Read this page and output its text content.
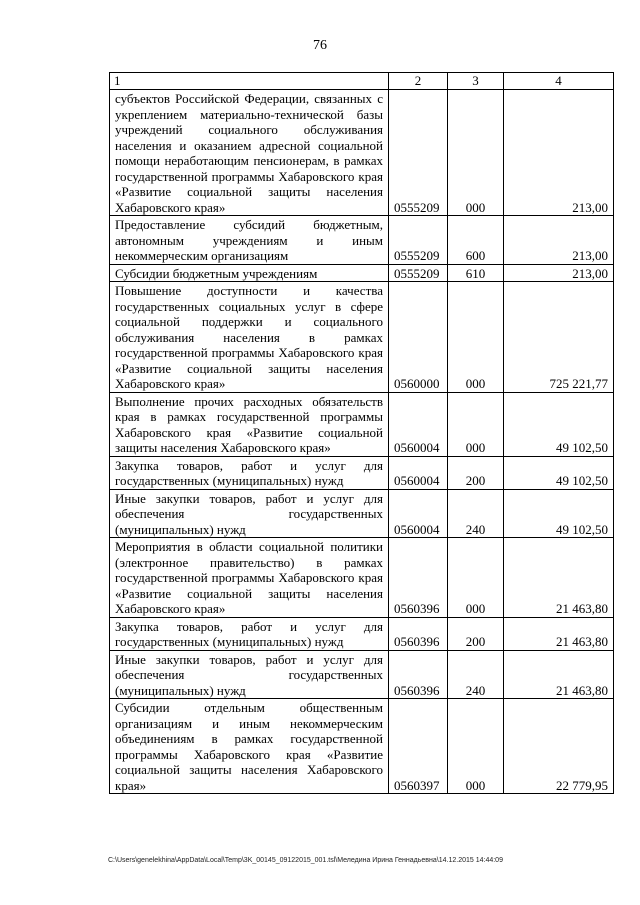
76
1	2	3	4
субъектов Российской Федерации, связанных с укреплением материально-технической базы учреждений социального обслуживания населения и оказанием адресной социальной помощи неработающим пенсионерам, в рамках государственной программы Хабаровского края «Развитие социальной защиты населения Хабаровского края»	0555209	000	213,00
Предоставление субсидий бюджетным, автономным учреждениям и иным некоммерческим организациям	0555209	600	213,00
Субсидии бюджетным учреждениям	0555209	610	213,00
Повышение доступности и качества государственных социальных услуг в сфере социальной поддержки и социального обслуживания населения в рамках государственной программы Хабаровского края «Развитие социальной защиты населения Хабаровского края»	0560000	000	725 221,77
Выполнение прочих расходных обязательств края в рамках государственной программы Хабаровского края «Развитие социальной защиты населения Хабаровского края»	0560004	000	49 102,50
Закупка товаров, работ и услуг для государственных (муниципальных) нужд	0560004	200	49 102,50
Иные закупки товаров, работ и услуг для обеспечения государственных (муниципальных) нужд	0560004	240	49 102,50
Мероприятия в области социальной политики (электронное правительство) в рамках государственной программы Хабаровского края «Развитие социальной защиты населения Хабаровского края»	0560396	000	21 463,80
Закупка товаров, работ и услуг для государственных (муниципальных) нужд	0560396	200	21 463,80
Иные закупки товаров, работ и услуг для обеспечения государственных (муниципальных) нужд	0560396	240	21 463,80
Субсидии отдельным общественным организациям и иным некоммерческим объединениям в рамках государственной программы Хабаровского края «Развитие социальной защиты населения Хабаровского края»	0560397	000	22 779,95
C:\Users\genelekhina\AppData\Local\Temp\3K_00145_09122015_001.tsl\Меледина Ирина Геннадьевна\14.12.2015 14:44:09
